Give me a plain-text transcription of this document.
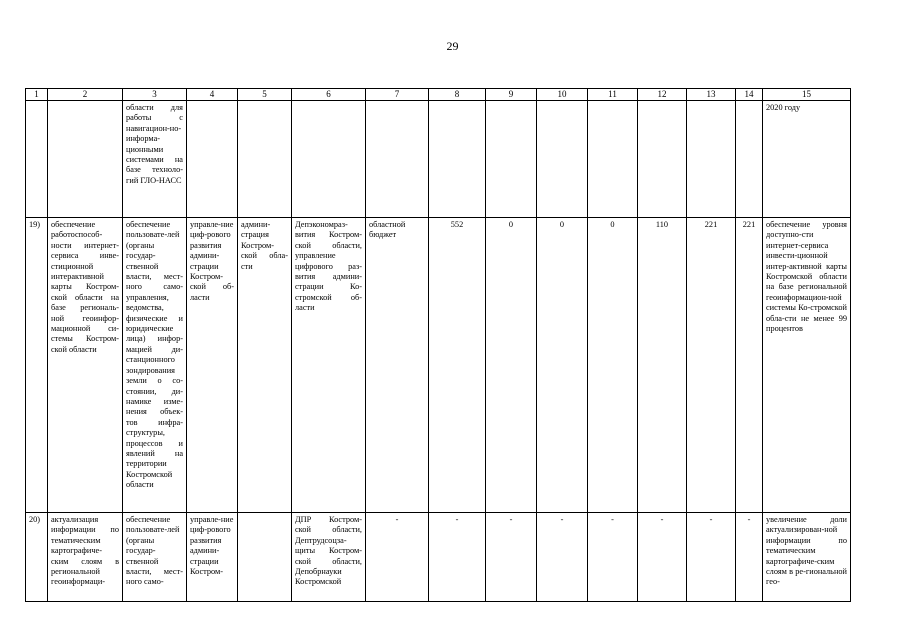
29
1	2	3	4	5	6	7	8	9	10	11	12	13	14	15
		области для работы с навигацион-но-информа-ционными системами на базе техноло-гий ГЛО-НАСС												2020 году
19)	обеспечение работоспособ-ности интернет-сервиса инве-стиционной интерактивной карты Костром-ской области на базе региональ-ной геоинфор-мационной си-стемы Костром-ской области	обеспечение пользовате-лей (органы государ-ственной власти, мест-ного само-управления, ведомства, физические и юридические лица) инфор-мацией ди-станционного зондирования земли о со-стоянии, ди-намике изме-нения объек-тов инфра-структуры, процессов и явлений на территории Костромской области	управле-ние циф-рового развития админи-страции Костром-ской об-ласти	админи-страция Костром-ской обла-сти	Депэкономраз-вития Костром-ской области, управление цифрового раз-вития админи-страции Ко-стромской об-ласти	областной бюджет	552	0	0	0	110	221	221	обеспечение уровня доступно-сти интернет-сервиса инвести-ционной интер-активной карты Костромской области на базе региональной геоинформацион-ной системы Ко-стромской обла-сти не менее 99 процентов
20)	актуализация информации по тематическим картографиче-ским слоям в региональной геоинформаци-	обеспечение пользовате-лей (органы государ-ственной власти, мест-ного само-	управле-ние циф-рового развития админи-страции Костром-		ДПР Костром-ской области, Дептрудсоцза-щиты Костром-ской области, Депобрнауки Костромской	-	-	-	-	-	-	-	-	увеличение доли актуализирован-ной информации по тематическим картографиче-ским слоям в ре-гиональной гео-
